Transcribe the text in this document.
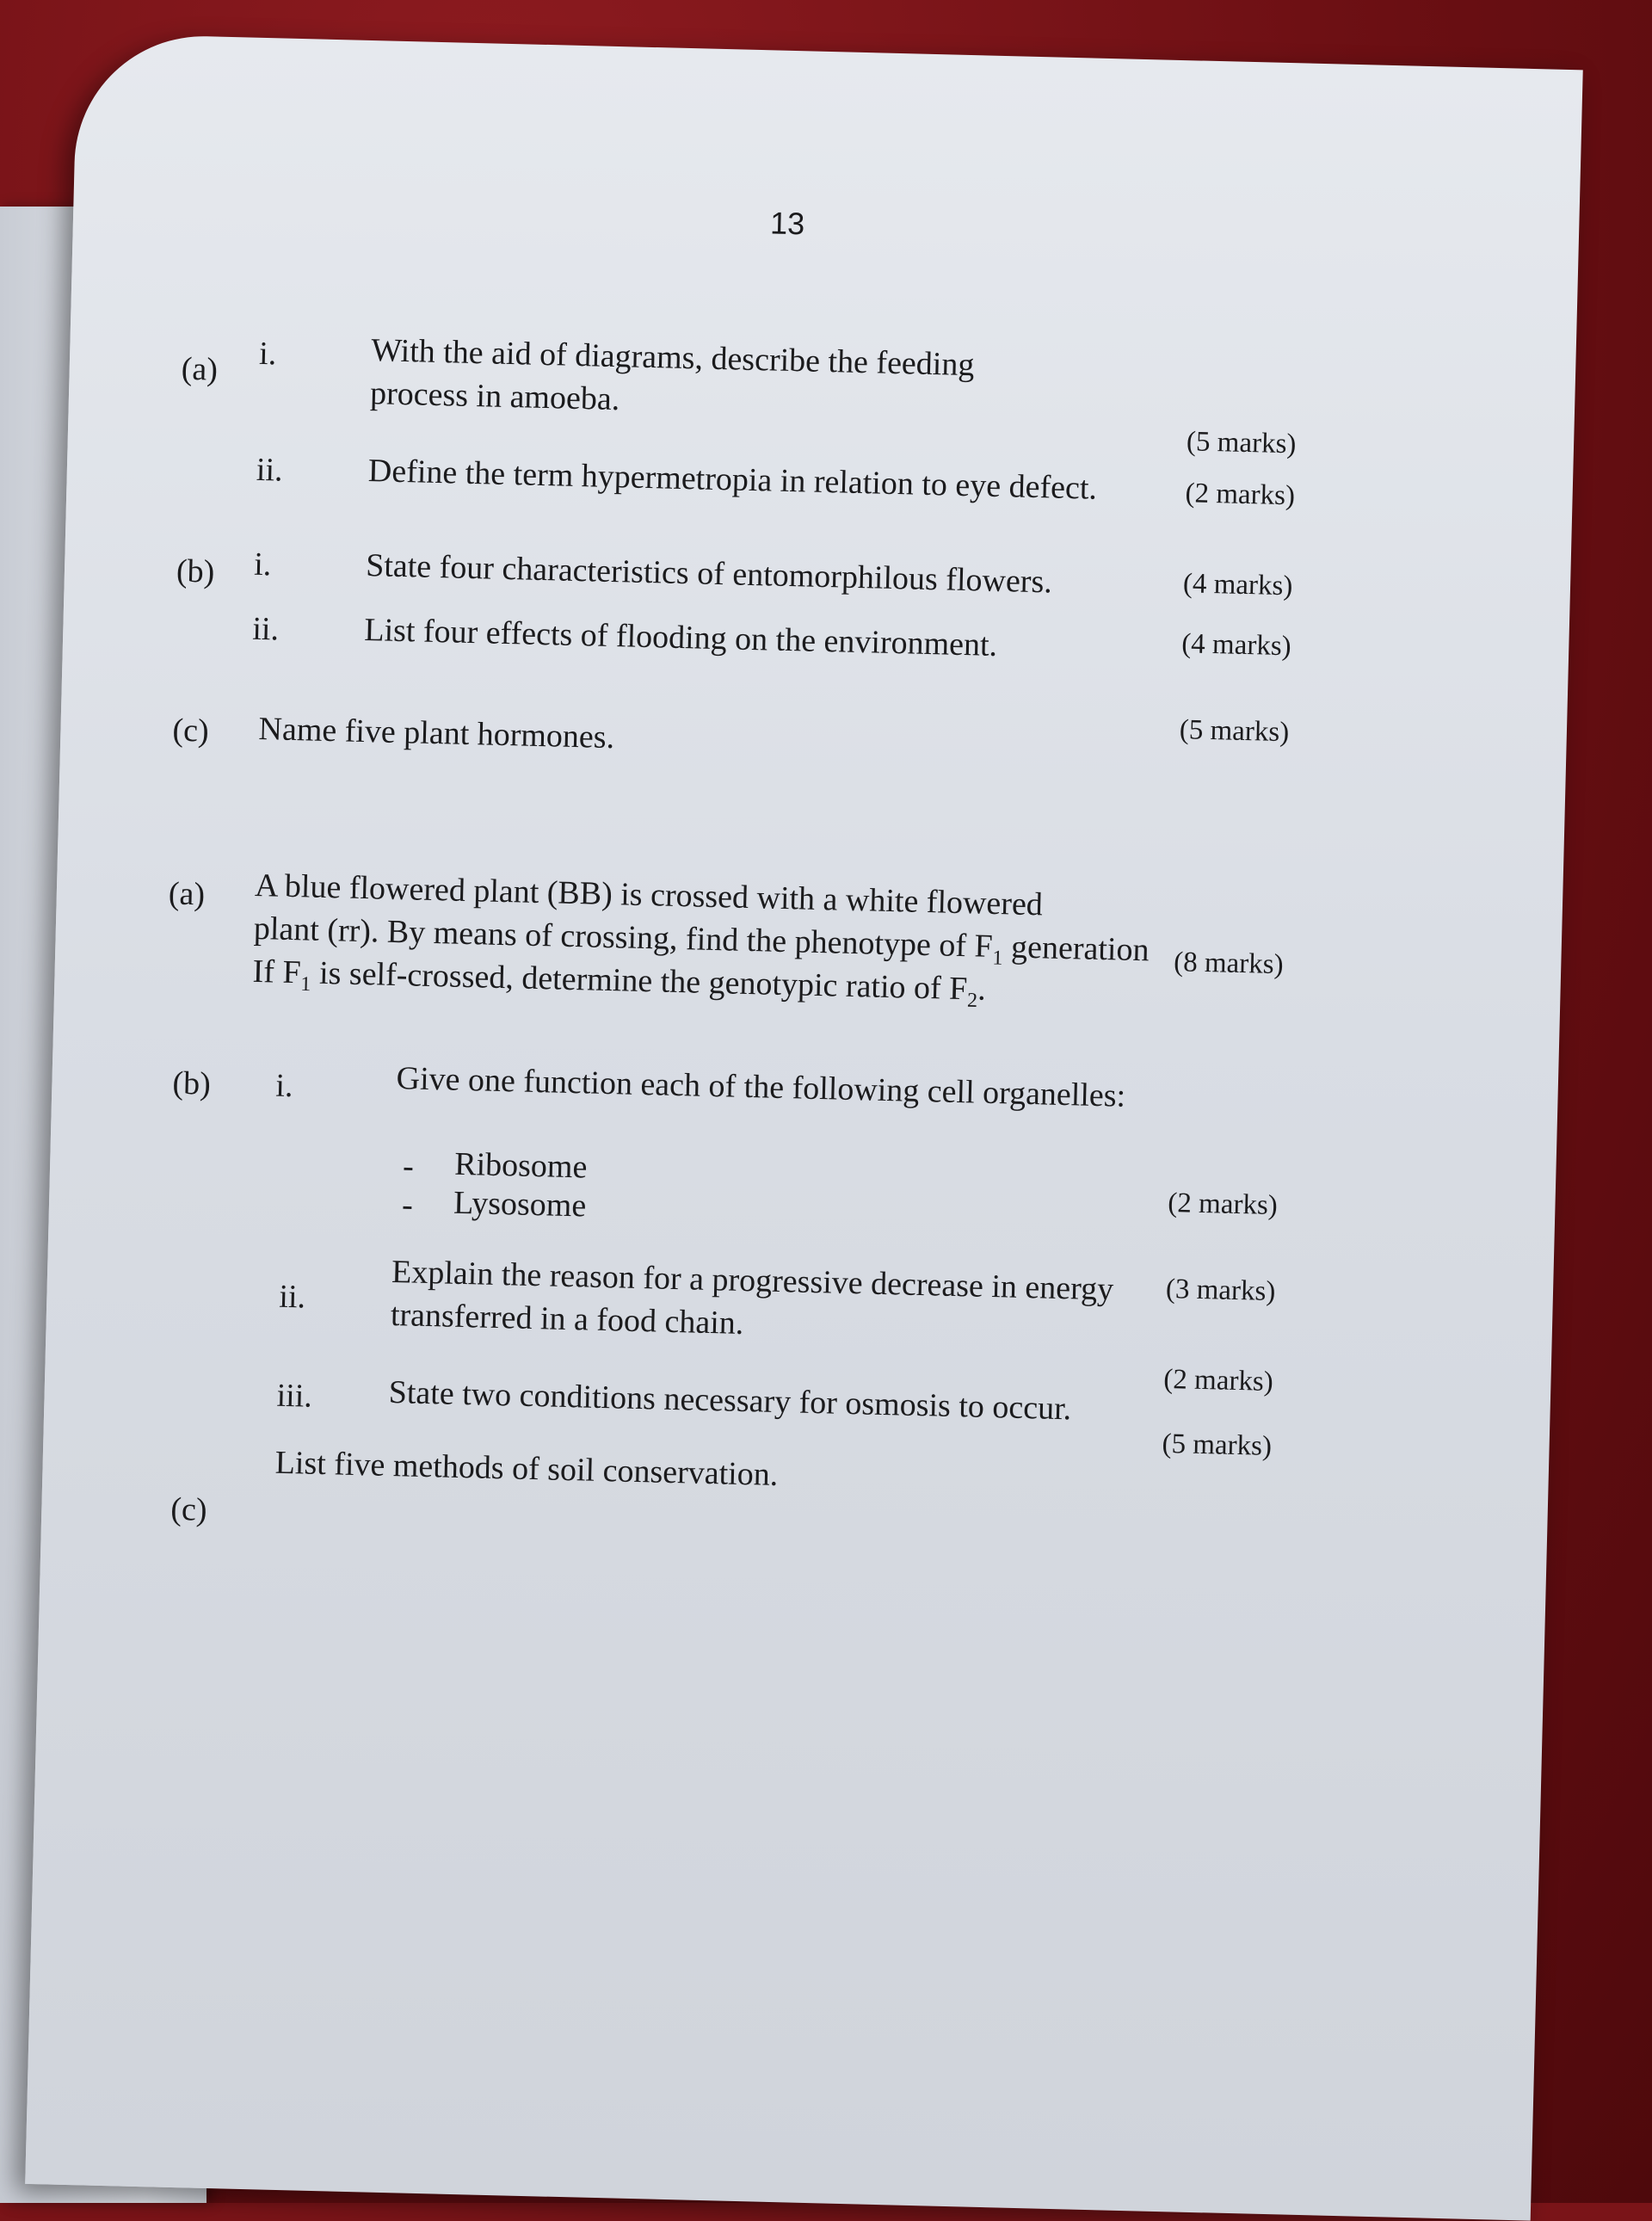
13
(a) i.	With the aid of diagrams, describe the feeding
process in amoeba.
(5 marks)
ii.	Define the term hypermetropia in relation to eye defect.	(2 marks)
(b) i.	State four characteristics of entomorphilous flowers.	(4 marks)
ii.	List four effects of flooding on the environment.	(4 marks)
(c) Name five plant hormones.	(5 marks)
(a) A blue flowered plant (BB) is crossed with a white flowered
plant (rr). By means of crossing, find the phenotype of $F_1$ generation
If $F_1$ is self-crossed, determine the genotypic ratio of $F_2$.
(8 marks)
(b) i.	Give one function each of the following cell organelles:
- Ribosome
- Lysosome	(2 marks)
ii.	Explain the reason for a progressive decrease in energy
transferred in a food chain.
(3 marks)
iii. State two conditions necessary for osmosis to occur.	(2 marks)
(c)
List five methods of soil conservation.	(5 marks)
